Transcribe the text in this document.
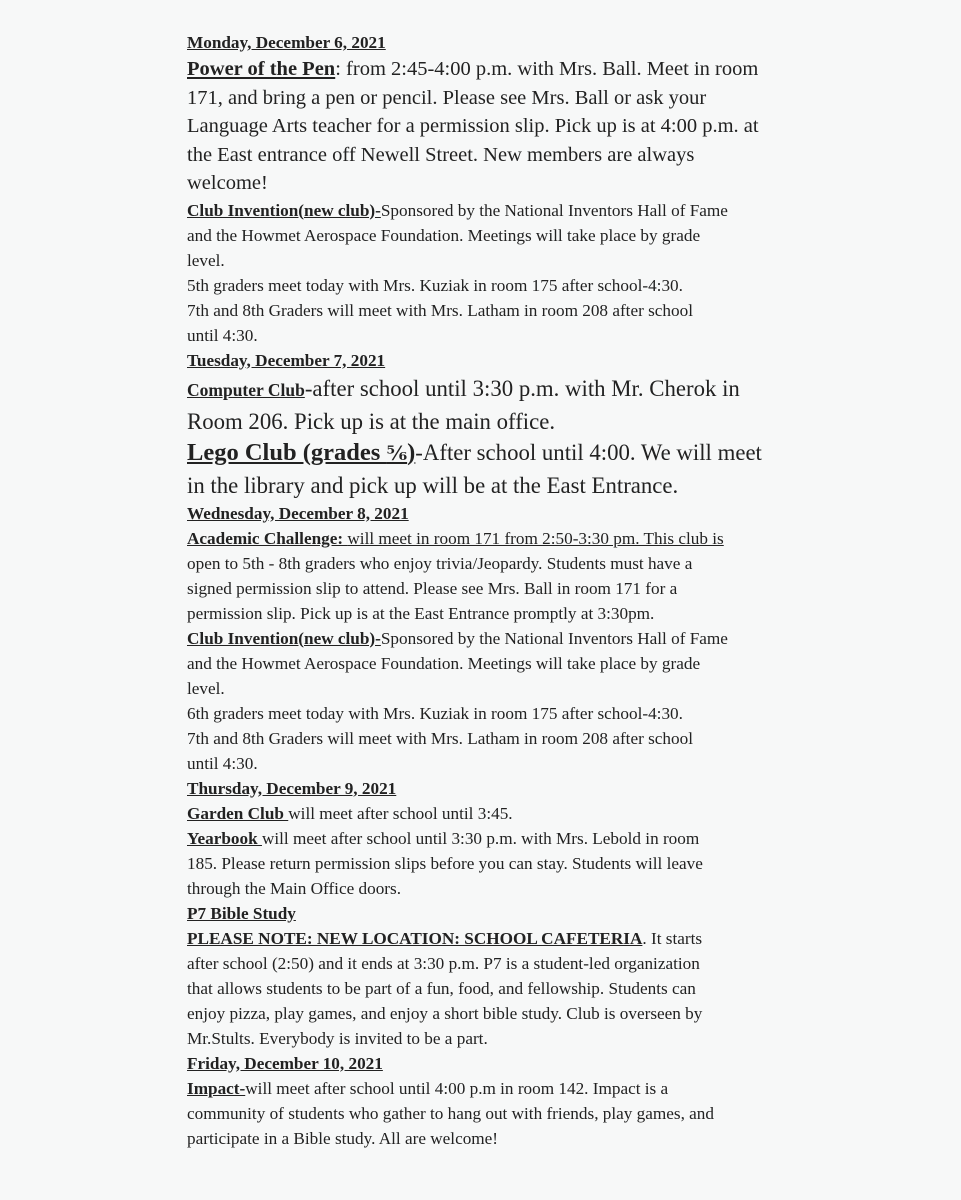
Monday, December 6, 2021

Power of the Pen: from 2:45-4:00 p.m. with Mrs. Ball. Meet in room

171, and bring a pen or pencil. Please see Mrs. Ball or ask your

Language Arts teacher for a permission slip. Pick up is at 4:00 p.m. at

the East entrance off Newell Street. New members are always

welcome!

Club Invention(new club)-Sponsored by the National Inventors Hall of Fame

and the Howmet Aerospace Foundation. Meetings will take place by grade

level.

5th graders meet today with Mrs. Kuziak in room 175 after school-4:30.

7th and 8th Graders will meet with Mrs. Latham in room 208 after school

until 4:30.

Tuesday, December 7, 2021

Computer Club-after school until 3:30 p.m. with Mr. Cherok in

Room 206. Pick up is at the main office.

Lego Club (grades ⅚)-After school until 4:00. We will meet

in the library and pick up will be at the East Entrance.

Wednesday, December 8, 2021

Academic Challenge: will meet in room 171 from 2:50-3:30 pm. This club is

open to 5th - 8th graders who enjoy trivia/Jeopardy. Students must have a

signed permission slip to attend. Please see Mrs. Ball in room 171 for a

permission slip. Pick up is at the East Entrance promptly at 3:30pm.

Club Invention(new club)-Sponsored by the National Inventors Hall of Fame

and the Howmet Aerospace Foundation. Meetings will take place by grade

level.

6th graders meet today with Mrs. Kuziak in room 175 after school-4:30.

7th and 8th Graders will meet with Mrs. Latham in room 208 after school

until 4:30.

Thursday, December 9, 2021

Garden Club will meet after school until 3:45.

Yearbook will meet after school until 3:30 p.m. with Mrs. Lebold in room

185. Please return permission slips before you can stay. Students will leave

through the Main Office doors.

P7 Bible Study

PLEASE NOTE: NEW LOCATION: SCHOOL CAFETERIA. It starts

after school (2:50) and it ends at 3:30 p.m. P7 is a student-led organization

that allows students to be part of a fun, food, and fellowship. Students can

enjoy pizza, play games, and enjoy a short bible study. Club is overseen by

Mr.Stults. Everybody is invited to be a part.

Friday, December 10, 2021

Impact-will meet after school until 4:00 p.m in room 142. Impact is a

community of students who gather to hang out with friends, play games, and

participate in a Bible study. All are welcome!
